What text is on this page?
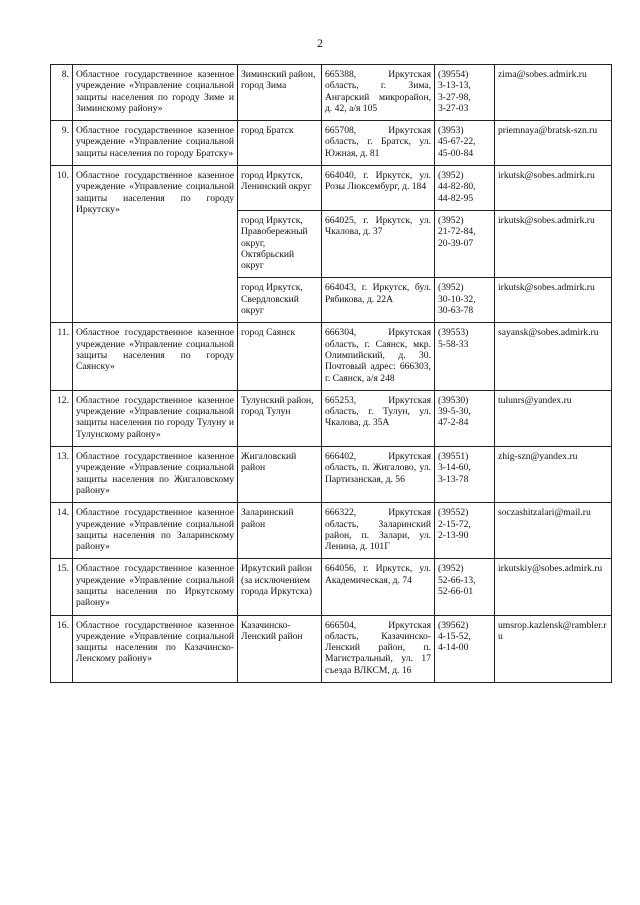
2
8.	Областное государственное казенное учреждение «Управление социальной защиты населения по городу Зиме и Зиминскому району»	Зиминский район, город Зима	665388, Иркутская область, г. Зима, Ангарский микрорайон, д. 42, а/я 105	(39554)
3-13-13,
3-27-98,
3-27-03	zima@sobes.admirk.ru
9.	Областное государственное казенное учреждение «Управление социальной защиты населения по городу Братску»	город Братск	665708, Иркутская область, г. Братск, ул. Южная, д. 81	(3953)
45-67-22,
45-00-84	priemnaya@bratsk-szn.ru
10.	Областное государственное казенное учреждение «Управление социальной защиты населения по городу Иркутску»	город Иркутск, Ленинский округ	664040, г. Иркутск, ул. Розы Люксембург, д. 184	(3952)
44-82-80,
44-82-95	irkutsk@sobes.admirk.ru
		город Иркутск, Правобережный округ, Октябрьский округ	664025, г. Иркутск, ул. Чкалова, д. 37	(3952)
21-72-84,
20-39-07	irkutsk@sobes.admirk.ru
		город Иркутск, Свердловский округ	664043, г. Иркутск, бул. Рябикова, д. 22А	(3952)
30-10-32,
30-63-78	irkutsk@sobes.admirk.ru
11.	Областное государственное казенное учреждение «Управление социальной защиты населения по городу Саянску»	город Саянск	666304, Иркутская область, г. Саянск, мкр. Олимпийский, д. 30. Почтовый адрес: 666303, г. Саянск, а/я 248	(39553)
5-58-33	sayansk@sobes.admirk.ru
12.	Областное государственное казенное учреждение «Управление социальной защиты населения по городу Тулуну и Тулунскому району»	Тулунский район, город Тулун	665253, Иркутская область, г. Тулун, ул. Чкалова, д. 35А	(39530)
39-5-30,
47-2-84	tulunrs@yandex.ru
13.	Областное государственное казенное учреждение «Управление социальной защиты населения по Жигаловскому району»	Жигаловский район	666402, Иркутская область, п. Жигалово, ул. Партизанская, д. 56	(39551)
3-14-60,
3-13-78	zhig-szn@yandex.ru
14.	Областное государственное казенное учреждение «Управление социальной защиты населения по Заларинскому району»	Заларинский район	666322, Иркутская область, Заларинский район, п. Залари, ул. Ленина, д. 101Г	(39552)
2-15-72,
2-13-90	soczashitzalari@mail.ru
15.	Областное государственное казенное учреждение «Управление социальной защиты населения по Иркутскому району»	Иркутский район (за исключением города Иркутска)	664056, г. Иркутск, ул. Академическая, д. 74	(3952)
52-66-13,
52-66-01	irkutskiy@sobes.admirk.ru
16.	Областное государственное казенное учреждение «Управление социальной защиты населения по Казачинско-Ленскому району»	Казачинско-Ленский район	666504, Иркутская область, Казачинско-Ленский район, п. Магистральный, ул. 17 съезда ВЛКСМ, д. 16	(39562)
4-15-52,
4-14-00	umsrop.kazlensk@rambler.ru
